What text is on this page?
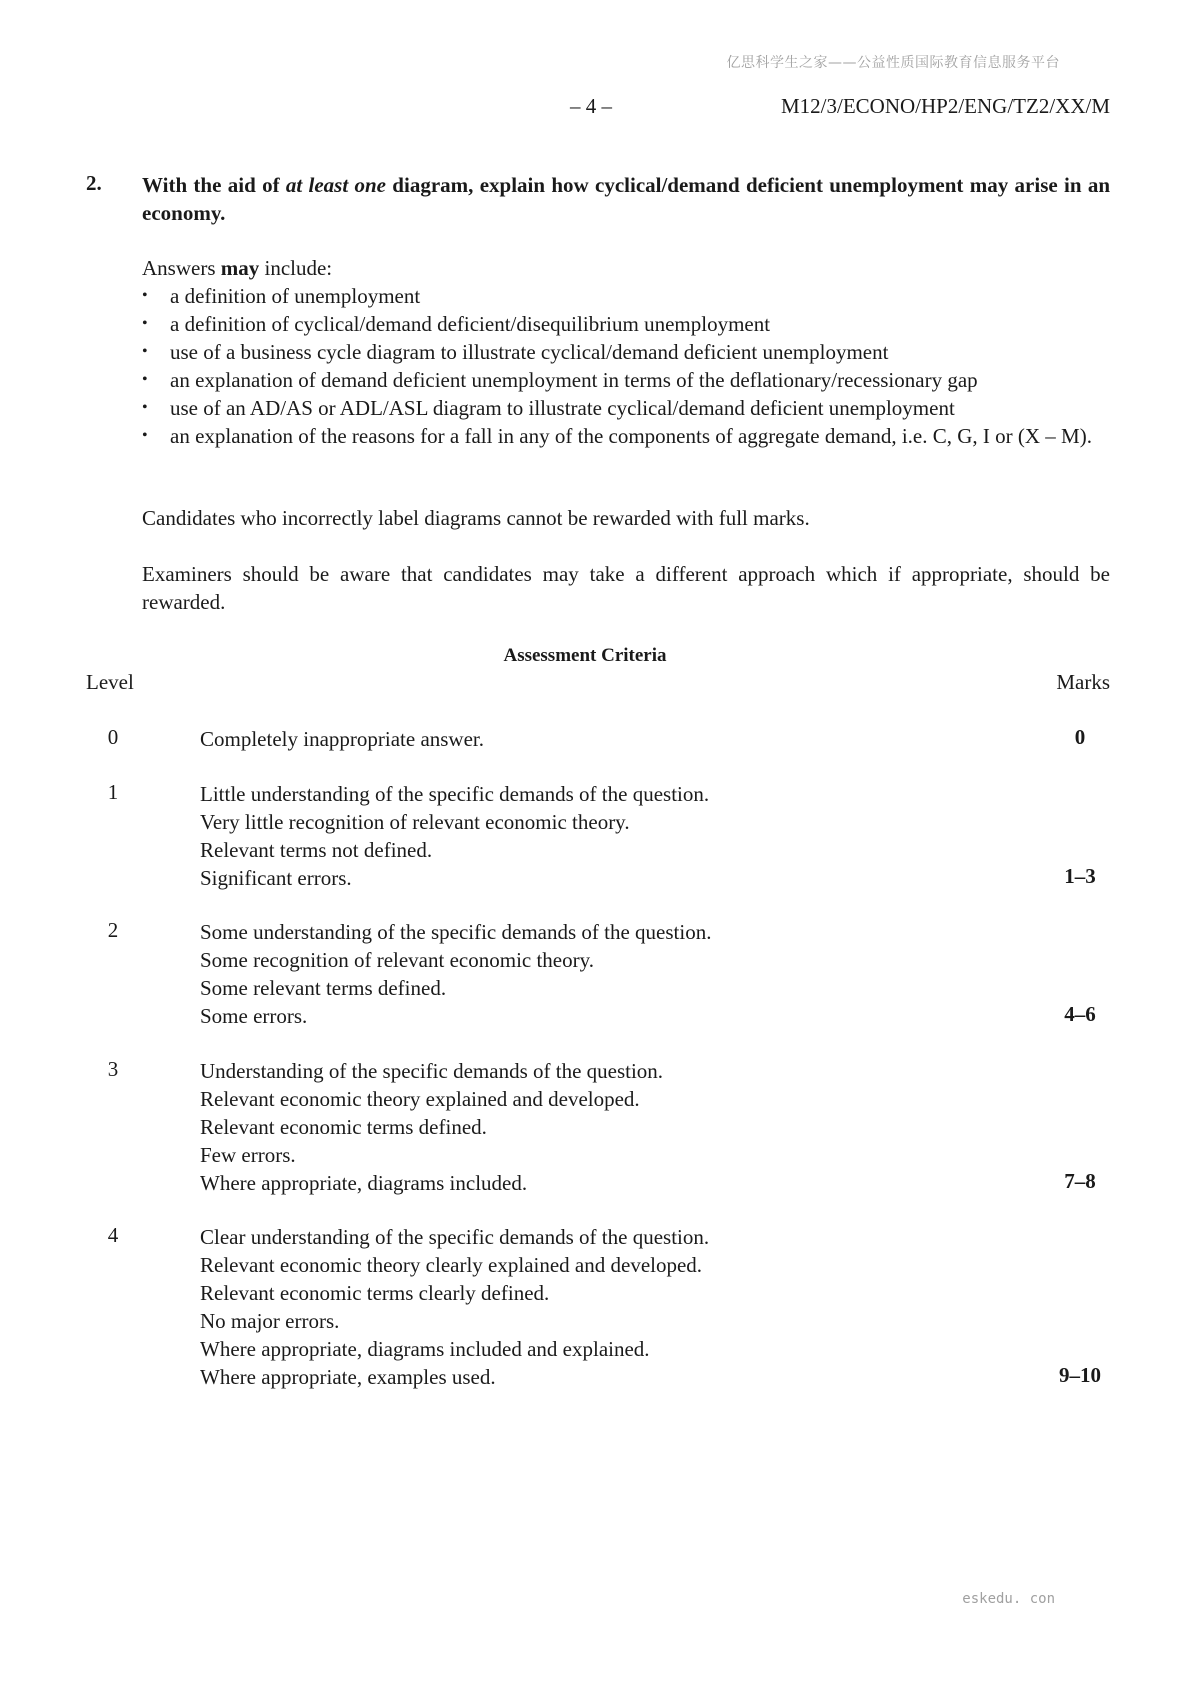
亿思科学生之家——公益性质国际教育信息服务平台
– 4 –	M12/3/ECONO/HP2/ENG/TZ2/XX/M
2. With the aid of at least one diagram, explain how cyclical/demand deficient unemployment may arise in an economy.
Answers may include:
• a definition of unemployment
• a definition of cyclical/demand deficient/disequilibrium unemployment
• use of a business cycle diagram to illustrate cyclical/demand deficient unemployment
• an explanation of demand deficient unemployment in terms of the deflationary/recessionary gap
• use of an AD/AS or ADL/ASL diagram to illustrate cyclical/demand deficient unemployment
• an explanation of the reasons for a fall in any of the components of aggregate demand, i.e. C, G, I or (X – M).
Candidates who incorrectly label diagrams cannot be rewarded with full marks.
Examiners should be aware that candidates may take a different approach which if appropriate, should be rewarded.
Assessment Criteria
Level	Marks
0	Completely inappropriate answer.	0
1	Little understanding of the specific demands of the question.
Very little recognition of relevant economic theory.
Relevant terms not defined.
Significant errors.	1–3
2	Some understanding of the specific demands of the question.
Some recognition of relevant economic theory.
Some relevant terms defined.
Some errors.	4–6
3	Understanding of the specific demands of the question.
Relevant economic theory explained and developed.
Relevant economic terms defined.
Few errors.
Where appropriate, diagrams included.	7–8
4	Clear understanding of the specific demands of the question.
Relevant economic theory clearly explained and developed.
Relevant economic terms clearly defined.
No major errors.
Where appropriate, diagrams included and explained.
Where appropriate, examples used.	9–10
eskedu. con
